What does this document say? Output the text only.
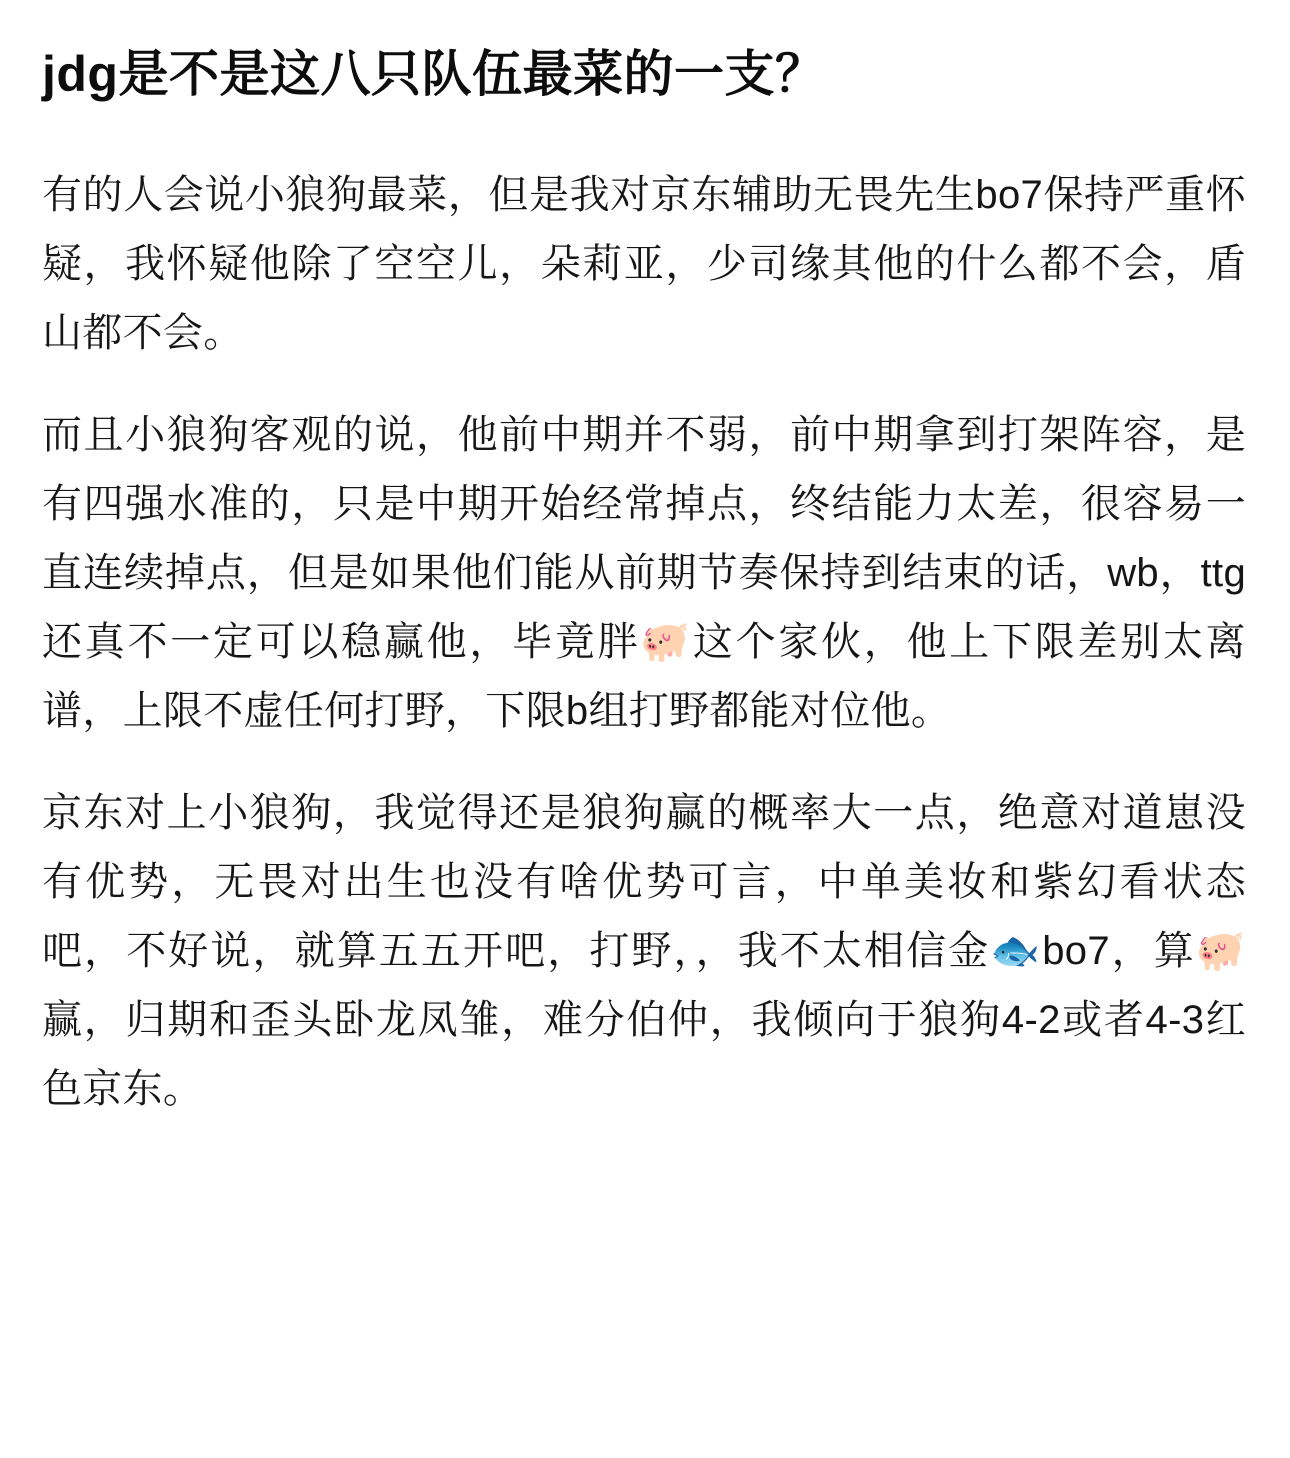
jdg是不是这八只队伍最菜的一支？

有的人会说小狼狗最菜，但是我对京东辅助无畏先生bo7保持严重怀疑，我怀疑他除了空空儿，朵莉亚，少司缘其他的什么都不会，盾山都不会。

而且小狼狗客观的说，他前中期并不弱，前中期拿到打架阵容，是有四强水准的，只是中期开始经常掉点，终结能力太差，很容易一直连续掉点，但是如果他们能从前期节奏保持到结束的话，wb，ttg还真不一定可以稳赢他，毕竟胖🐖这个家伙，他上下限差别太离谱，上限不虚任何打野，下限b组打野都能对位他。

京东对上小狼狗，我觉得还是狼狗赢的概率大一点，绝意对道崽没有优势，无畏对出生也没有啥优势可言，中单美妆和紫幻看状态吧，不好说，就算五五开吧，打野，，我不太相信金🐟bo7，算🐖赢，归期和歪头卧龙凤雏，难分伯仲，我倾向于狼狗4-2或者4-3红色京东。
